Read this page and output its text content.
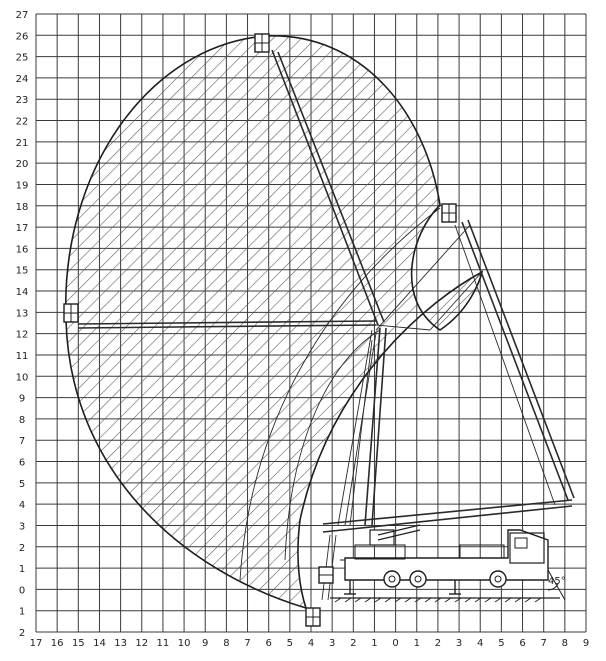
45°
17 16 15 14 13 12 11 10 9 8 7 6 5 4 3 2 1 0 1 2 3 4 5 6 7 8 9
27
26
25
24
23
22
21
20
19
18
17
16
15
14
13
12
11
10
9
8
7
6
5
4
3
2
1
0
1
2
